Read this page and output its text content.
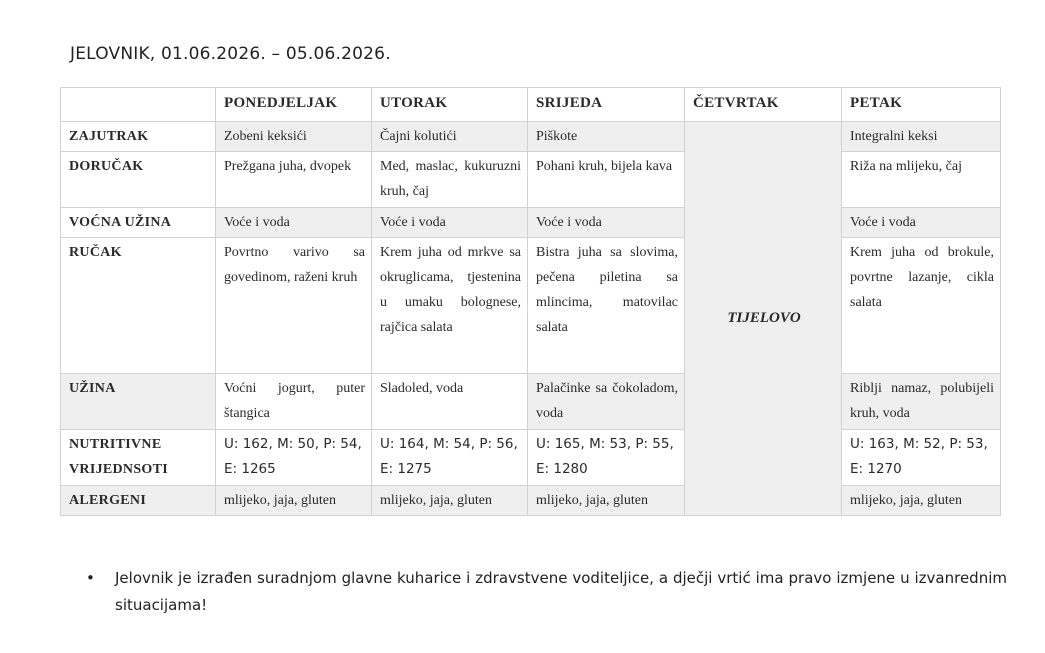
JELOVNIK, 01.06.2026. – 05.06.2026.
	PONEDJELJAK	UTORAK	SRIJEDA	ČETVRTAK	PETAK
ZAJUTRAK	Zobeni keksići	Čajni kolutići	Piškote	TIJELOVO	Integralni keksi
DORUČAK	Prežgana juha, dvopek	Med, maslac, kukuruzni kruh, čaj	Pohani kruh, bijela kava		Riža na mlijeku, čaj
VOĆNA UŽINA	Voće i voda	Voće i voda	Voće i voda		Voće i voda
RUČAK	Povrtno varivo sa govedinom, raženi kruh	Krem juha od mrkve sa okruglicama, tjestenina u umaku bolognese, rajčica salata	Bistra juha sa slovima, pečena piletina sa mlincima, matovilac salata		Krem juha od brokule, povrtne lazanje, cikla salata
UŽINA	Voćni jogurt, puter štangica	Sladoled, voda	Palačinke sa čokoladom, voda		Riblji namaz, polubijeli kruh, voda
NUTRITIVNE VRIJEDNSOTI	U: 162, M: 50, P: 54, E: 1265	U: 164, M: 54, P: 56, E: 1275	U: 165, M: 53, P: 55, E: 1280		U: 163, M: 52, P: 53, E: 1270
ALERGENI	mlijeko, jaja, gluten	mlijeko, jaja, gluten	mlijeko, jaja, gluten		mlijeko, jaja, gluten
• Jelovnik je izrađen suradnjom glavne kuharice i zdravstvene voditeljice, a dječji vrtić ima pravo izmjene u izvanrednim situacijama!
